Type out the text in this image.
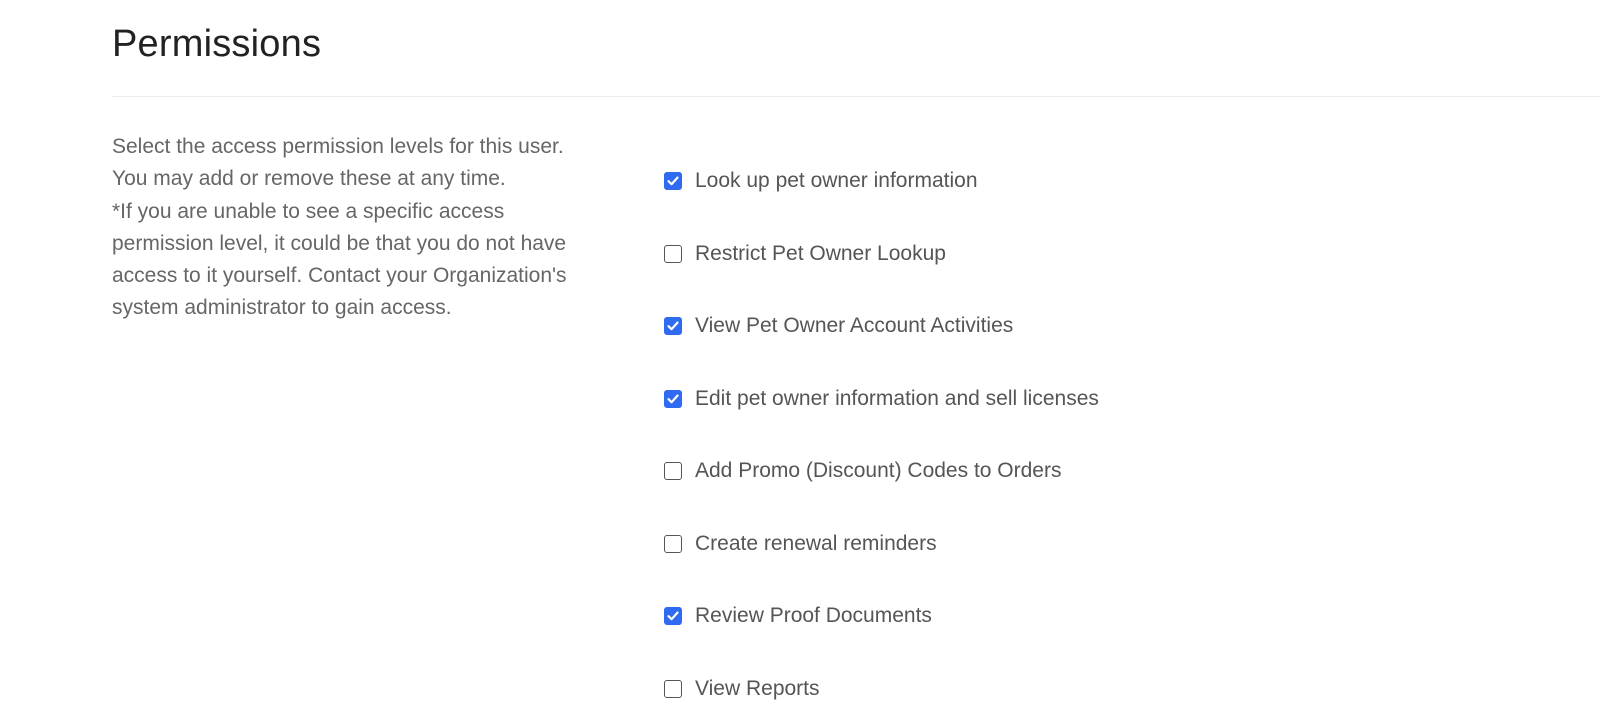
Permissions

Select the access permission levels for this user.

You may add or remove these at any time.

*If you are unable to see a specific access

permission level, it could be that you do not have

access to it yourself. Contact your Organization's

system administrator to gain access.

Look up pet owner information
Restrict Pet Owner Lookup
View Pet Owner Account Activities
Edit pet owner information and sell licenses
Add Promo (Discount) Codes to Orders
Create renewal reminders
Review Proof Documents
View Reports
